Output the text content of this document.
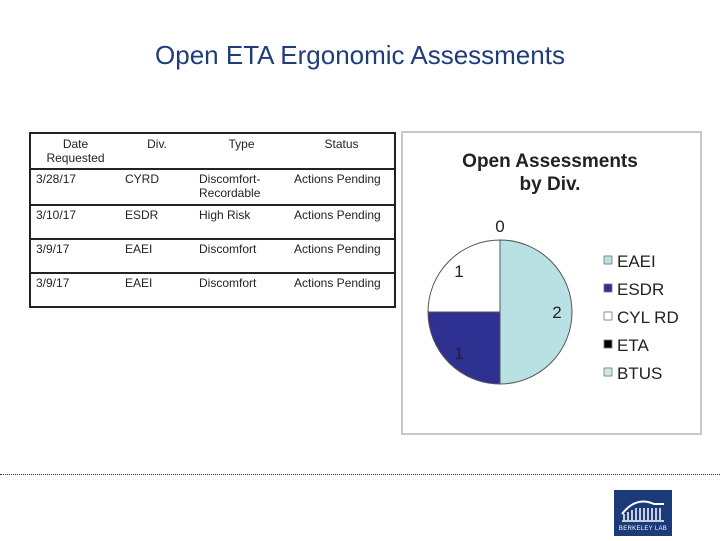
Open ETA Ergonomic Assessments
Date Requested	Div.	Type	Status
3/28/17	CYRD	Discomfort-Recordable	Actions Pending
3/10/17	ESDR	High Risk	Actions Pending
3/9/17	EAEI	Discomfort	Actions Pending
3/9/17	EAEI	Discomfort	Actions Pending
Open Assessments
by Div.
2
1
1
0
EAEI
ESDR
CYL RD
ETA
BTUS
BERKELEY LAB
